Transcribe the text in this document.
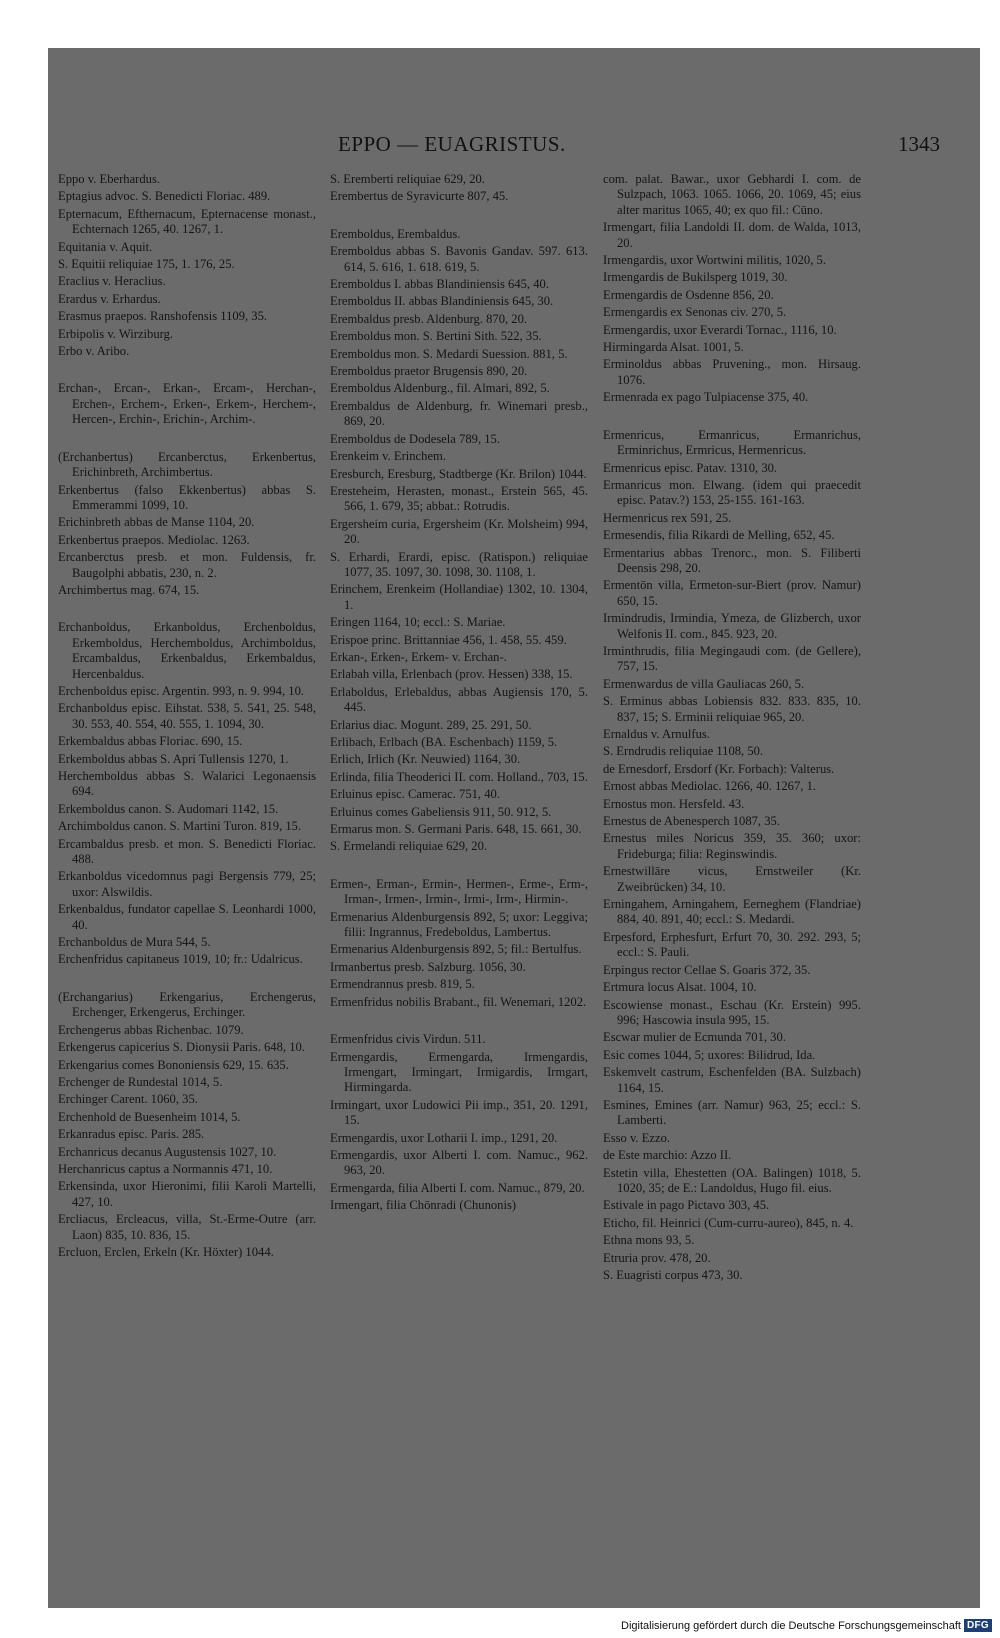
EPPO — EUAGRISTUS.	1343

Eppo v. Eberhardus.

Eptagius advoc. S. Benedicti Floriac. 489.

Epternacum, Efthernacum, Epternacense monast., Echternach 1265, 40. 1267, 1.

Equitania v. Aquit.

S. Equitii reliquiae 175, 1. 176, 25.

Eraclius v. Heraclius.

Erardus v. Erhardus.

Erasmus praepos. Ranshofensis 1109, 35.

Erbipolis v. Wirziburg.

Erbo v. Aribo.

Erchan-, Ercan-, Erkan-, Ercam-, Herchan-, Erchen-, Erchem-, Erken-, Erkem-, Herchem-, Hercen-, Erchin-, Erichin-, Archim-.

(Erchanbertus) Ercanberctus, Erkenbertus, Erichinbreth, Archimbertus.

Erkenbertus (falso Ekkenbertus) abbas S. Emmerammi 1099, 10.

Erichinbreth abbas de Manse 1104, 20.

Erkenbertus praepos. Mediolac. 1263.

Ercanberctus presb. et mon. Fuldensis, fr. Baugolphi abbatis, 230, n. 2.

Archimbertus mag. 674, 15.

Erchanboldus, Erkanboldus, Erchenboldus, Erkemboldus, Herchemboldus, Archimboldus, Ercambaldus, Erkenbaldus, Erkembaldus, Hercenbaldus.

Erchenboldus episc. Argentin. 993, n. 9. 994, 10.

Erchanboldus episc. Eihstat. 538, 5. 541, 25. 548, 30. 553, 40. 554, 40. 555, 1. 1094, 30.

Erkembaldus abbas Floriac. 690, 15.

Erkemboldus abbas S. Apri Tullensis 1270, 1.

Herchemboldus abbas S. Walarici Legonaensis 694.

Erkemboldus canon. S. Audomari 1142, 15.

Archimboldus canon. S. Martini Turon. 819, 15.

Ercambaldus presb. et mon. S. Benedicti Floriac. 488.

Erkanboldus vicedomnus pagi Bergensis 779, 25; uxor: Alswildis.

Erkenbaldus, fundator capellae S. Leonhardi 1000, 40.

Erchanboldus de Mura 544, 5.

Erchenfridus capitaneus 1019, 10; fr.: Udalricus.

(Erchangarius) Erkengarius, Erchengerus, Erchenger, Erkengerus, Erchinger.

Erchengerus abbas Richenbac. 1079.

Erkengerus capicerius S. Dionysii Paris. 648, 10.

Erkengarius comes Bononiensis 629, 15. 635.

Erchenger de Rundestal 1014, 5.

Erchinger Carent. 1060, 35.

Erchenhold de Buesenheim 1014, 5.

Erkanradus episc. Paris. 285.

Erchanricus decanus Augustensis 1027, 10.

Herchanricus captus a Normannis 471, 10.

Erkensinda, uxor Hieronimi, filii Karoli Martelli, 427, 10.

Ercliacus, Ercleacus, villa, St.-Erme-Outre (arr. Laon) 835, 10. 836, 15.

Ercluon, Erclen, Erkeln (Kr. Höxter) 1044.

S. Eremberti reliquiae 629, 20.

Erembertus de Syravicurte 807, 45.

Eremboldus, Erembaldus.

Eremboldus abbas S. Bavonis Gandav. 597. 613. 614, 5. 616, 1. 618. 619, 5.

Eremboldus I. abbas Blandiniensis 645, 40.

Eremboldus II. abbas Blandiniensis 645, 30.

Erembaldus presb. Aldenburg. 870, 20.

Eremboldus mon. S. Bertini Sith. 522, 35.

Eremboldus mon. S. Medardi Suession. 881, 5.

Eremboldus praetor Brugensis 890, 20.

Eremboldus Aldenburg., fil. Almari, 892, 5.

Erembaldus de Aldenburg, fr. Winemari presb., 869, 20.

Eremboldus de Dodesela 789, 15.

Erenkeim v. Erinchem.

Eresburch, Eresburg, Stadtberge (Kr. Brilon) 1044.

Eresteheim, Herasten, monast., Erstein 565, 45. 566, 1. 679, 35; abbat.: Rotrudis.

Ergersheim curia, Ergersheim (Kr. Molsheim) 994, 20.

S. Erhardi, Erardi, episc. (Ratispon.) reliquiae 1077, 35. 1097, 30. 1098, 30. 1108, 1.

Erinchem, Erenkeim (Hollandiae) 1302, 10. 1304, 1.

Eringen 1164, 10; eccl.: S. Mariae.

Erispoe princ. Brittanniae 456, 1. 458, 55. 459.

Erkan-, Erken-, Erkem- v. Erchan-.

Erlabah villa, Erlenbach (prov. Hessen) 338, 15.

Erlaboldus, Erlebaldus, abbas Augiensis 170, 5. 445.

Erlarius diac. Mogunt. 289, 25. 291, 50.

Erlibach, Erlbach (BA. Eschenbach) 1159, 5.

Erlich, Irlich (Kr. Neuwied) 1164, 30.

Erlinda, filia Theoderici II. com. Holland., 703, 15.

Erluinus episc. Camerac. 751, 40.

Erluinus comes Gabeliensis 911, 50. 912, 5.

Ermarus mon. S. Germani Paris. 648, 15. 661, 30.

S. Ermelandi reliquiae 629, 20.

Ermen-, Erman-, Ermin-, Hermen-, Erme-, Erm-, Irman-, Irmen-, Irmin-, Irmi-, Irm-, Hirmin-.

Ermenarius Aldenburgensis 892, 5; uxor: Leggiva; filii: Ingrannus, Fredeboldus, Lambertus.

Ermenarius Aldenburgensis 892, 5; fil.: Bertulfus.

Irmanbertus presb. Salzburg. 1056, 30.

Ermendrannus presb. 819, 5.

Ermenfridus nobilis Brabant., fil. Wenemari, 1202.

Ermenfridus civis Virdun. 511.

Ermengardis, Ermengarda, Irmengardis, Irmengart, Irmingart, Irmigardis, Irmgart, Hirmingarda.

Irmingart, uxor Ludowici Pii imp., 351, 20. 1291, 15.

Ermengardis, uxor Lotharii I. imp., 1291, 20.

Ermengardis, uxor Alberti I. com. Namuc., 962. 963, 20.

Ermengarda, filia Alberti I. com. Namuc., 879, 20.

Irmengart, filia Chōnradi (Chunonis)

com. palat. Bawar., uxor Gebhardi I. com. de Sulzpach, 1063. 1065. 1066, 20. 1069, 45; eius alter maritus 1065, 40; ex quo fil.: Cūno.

Irmengart, filia Landoldi II. dom. de Walda, 1013, 20.

Irmengardis, uxor Wortwini militis, 1020, 5.

Irmengardis de Bukilsperg 1019, 30.

Ermengardis de Osdenne 856, 20.

Ermengardis ex Senonas civ. 270, 5.

Ermengardis, uxor Everardi Tornac., 1116, 10.

Hirmingarda Alsat. 1001, 5.

Erminoldus abbas Pruvening., mon. Hirsaug. 1076.

Ermenrada ex pago Tulpiacense 375, 40.

Ermenricus, Ermanricus, Ermanrichus, Erminrichus, Ermricus, Hermenricus.

Ermenricus episc. Patav. 1310, 30.

Ermanricus mon. Elwang. (idem qui praecedit episc. Patav.?) 153, 25-155. 161-163.

Hermenricus rex 591, 25.

Ermesendis, filia Rikardi de Melling, 652, 45.

Ermentarius abbas Trenorc., mon. S. Filiberti Deensis 298, 20.

Ermentōn villa, Ermeton-sur-Biert (prov. Namur) 650, 15.

Irmindrudis, Irmindia, Ymeza, de Glizberch, uxor Welfonis II. com., 845. 923, 20.

Irminthrudis, filia Megingaudi com. (de Gellere), 757, 15.

Ermenwardus de villa Gauliacas 260, 5.

S. Erminus abbas Lobiensis 832. 833. 835, 10. 837, 15; S. Erminii reliquiae 965, 20.

Ernaldus v. Arnulfus.

S. Erndrudis reliquiae 1108, 50.

de Ernesdorf, Ersdorf (Kr. Forbach): Valterus.

Ernost abbas Mediolac. 1266, 40. 1267, 1.

Ernostus mon. Hersfeld. 43.

Ernestus de Abenesperch 1087, 35.

Ernestus miles Noricus 359, 35. 360; uxor: Frideburga; filia: Reginswindis.

Ernestwillāre vicus, Ernstweiler (Kr. Zweibrücken) 34, 10.

Erningahem, Arningahem, Eerneghem (Flandriae) 884, 40. 891, 40; eccl.: S. Medardi.

Erpesford, Erphesfurt, Erfurt 70, 30. 292. 293, 5; eccl.: S. Pauli.

Erpingus rector Cellae S. Goaris 372, 35.

Ertmura locus Alsat. 1004, 10.

Escowiense monast., Eschau (Kr. Erstein) 995. 996; Hascowia insula 995, 15.

Escwar mulier de Ecmunda 701, 30.

Esic comes 1044, 5; uxores: Bilidrud, Ida.

Eskemvelt castrum, Eschenfelden (BA. Sulzbach) 1164, 15.

Esmines, Emines (arr. Namur) 963, 25; eccl.: S. Lamberti.

Esso v. Ezzo.

de Este marchio: Azzo II.

Estetin villa, Ehestetten (OA. Balingen) 1018, 5. 1020, 35; de E.: Landoldus, Hugo fil. eius.

Estivale in pago Pictavo 303, 45.

Eticho, fil. Heinrici (Cum-curru-aureo), 845, n. 4.

Ethna mons 93, 5.

Etruria prov. 478, 20.

S. Euagristi corpus 473, 30.

Digitalisierung gefördert durch die Deutsche Forschungsgemeinschaft DFG
